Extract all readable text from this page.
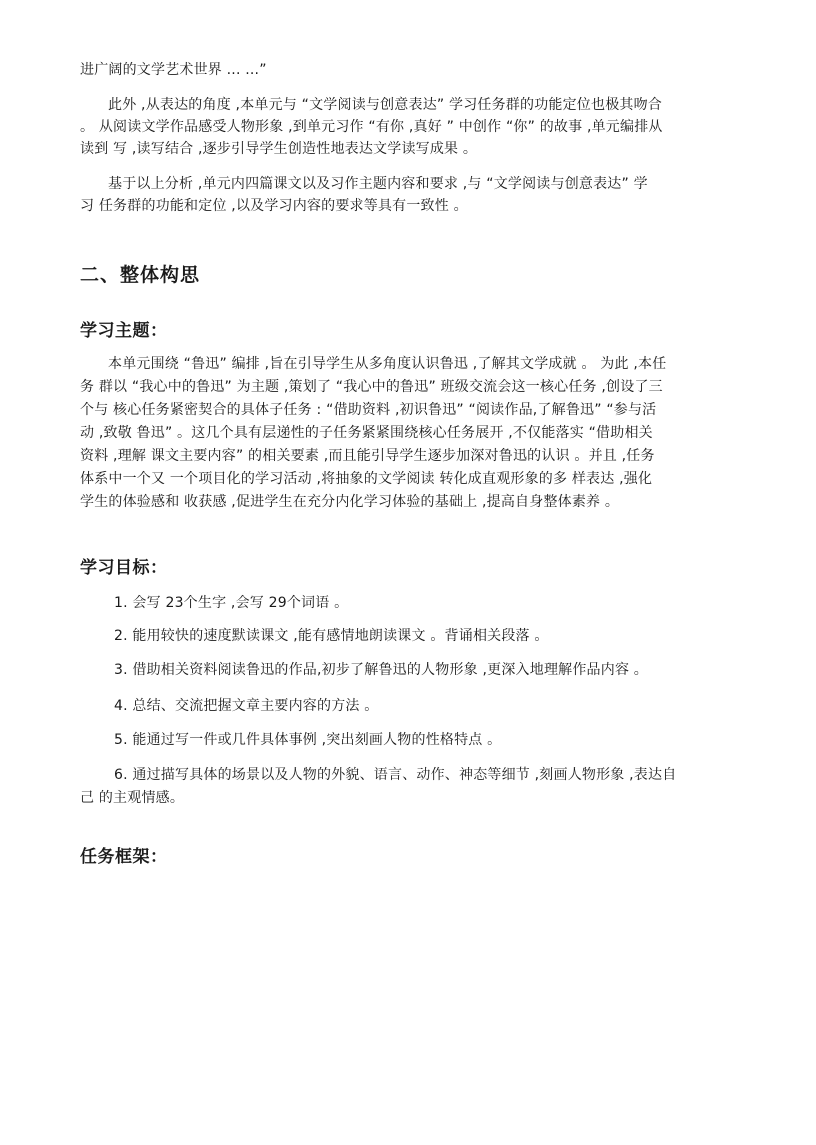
进广阔的文学艺术世界 ... ...”
此外 ,从表达的角度 ,本单元与 “文学阅读与创意表达” 学习任务群的功能定位也极其吻合
。 从阅读文学作品感受人物形象 ,到单元习作 “有你 ,真好 ” 中创作 “你” 的故事 ,单元编排从
读到 写 ,读写结合 ,逐步引导学生创造性地表达文学读写成果 。
基于以上分析 ,单元内四篇课文以及习作主题内容和要求 ,与 “文学阅读与创意表达” 学
习 任务群的功能和定位 ,以及学习内容的要求等具有一致性 。
二、整体构思
学习主题：
本单元围绕 “鲁迅” 编排 ,旨在引导学生从多角度认识鲁迅 ,了解其文学成就 。 为此 ,本任
务 群以 “我心中的鲁迅” 为主题 ,策划了 “我心中的鲁迅” 班级交流会这一核心任务 ,创设了三
个与 核心任务紧密契合的具体子任务 : “借助资料 ,初识鲁迅” “阅读作品,了解鲁迅” “参与活
动 ,致敬 鲁迅” 。这几个具有层递性的子任务紧紧围绕核心任务展开 ,不仅能落实 “借助相关
资料 ,理解 课文主要内容” 的相关要素 ,而且能引导学生逐步加深对鲁迅的认识 。并且 ,任务
体系中一个又 一个项目化的学习活动 ,将抽象的文学阅读 转化成直观形象的多 样表达 ,强化
学生的体验感和 收获感 ,促进学生在充分内化学习体验的基础上 ,提高自身整体素养 。
学习目标：
1. 会写 23个生字 ,会写 29个词语 。
2. 能用较快的速度默读课文 ,能有感情地朗读课文 。背诵相关段落 。
3. 借助相关资料阅读鲁迅的作品,初步了解鲁迅的人物形象 ,更深入地理解作品内容 。
4. 总结、交流把握文章主要内容的方法 。
5. 能通过写一件或几件具体事例 ,突出刻画人物的性格特点 。
6. 通过描写具体的场景以及人物的外貌、语言、动作、神态等细节 ,刻画人物形象 ,表达自
己 的主观情感。
任务框架：
